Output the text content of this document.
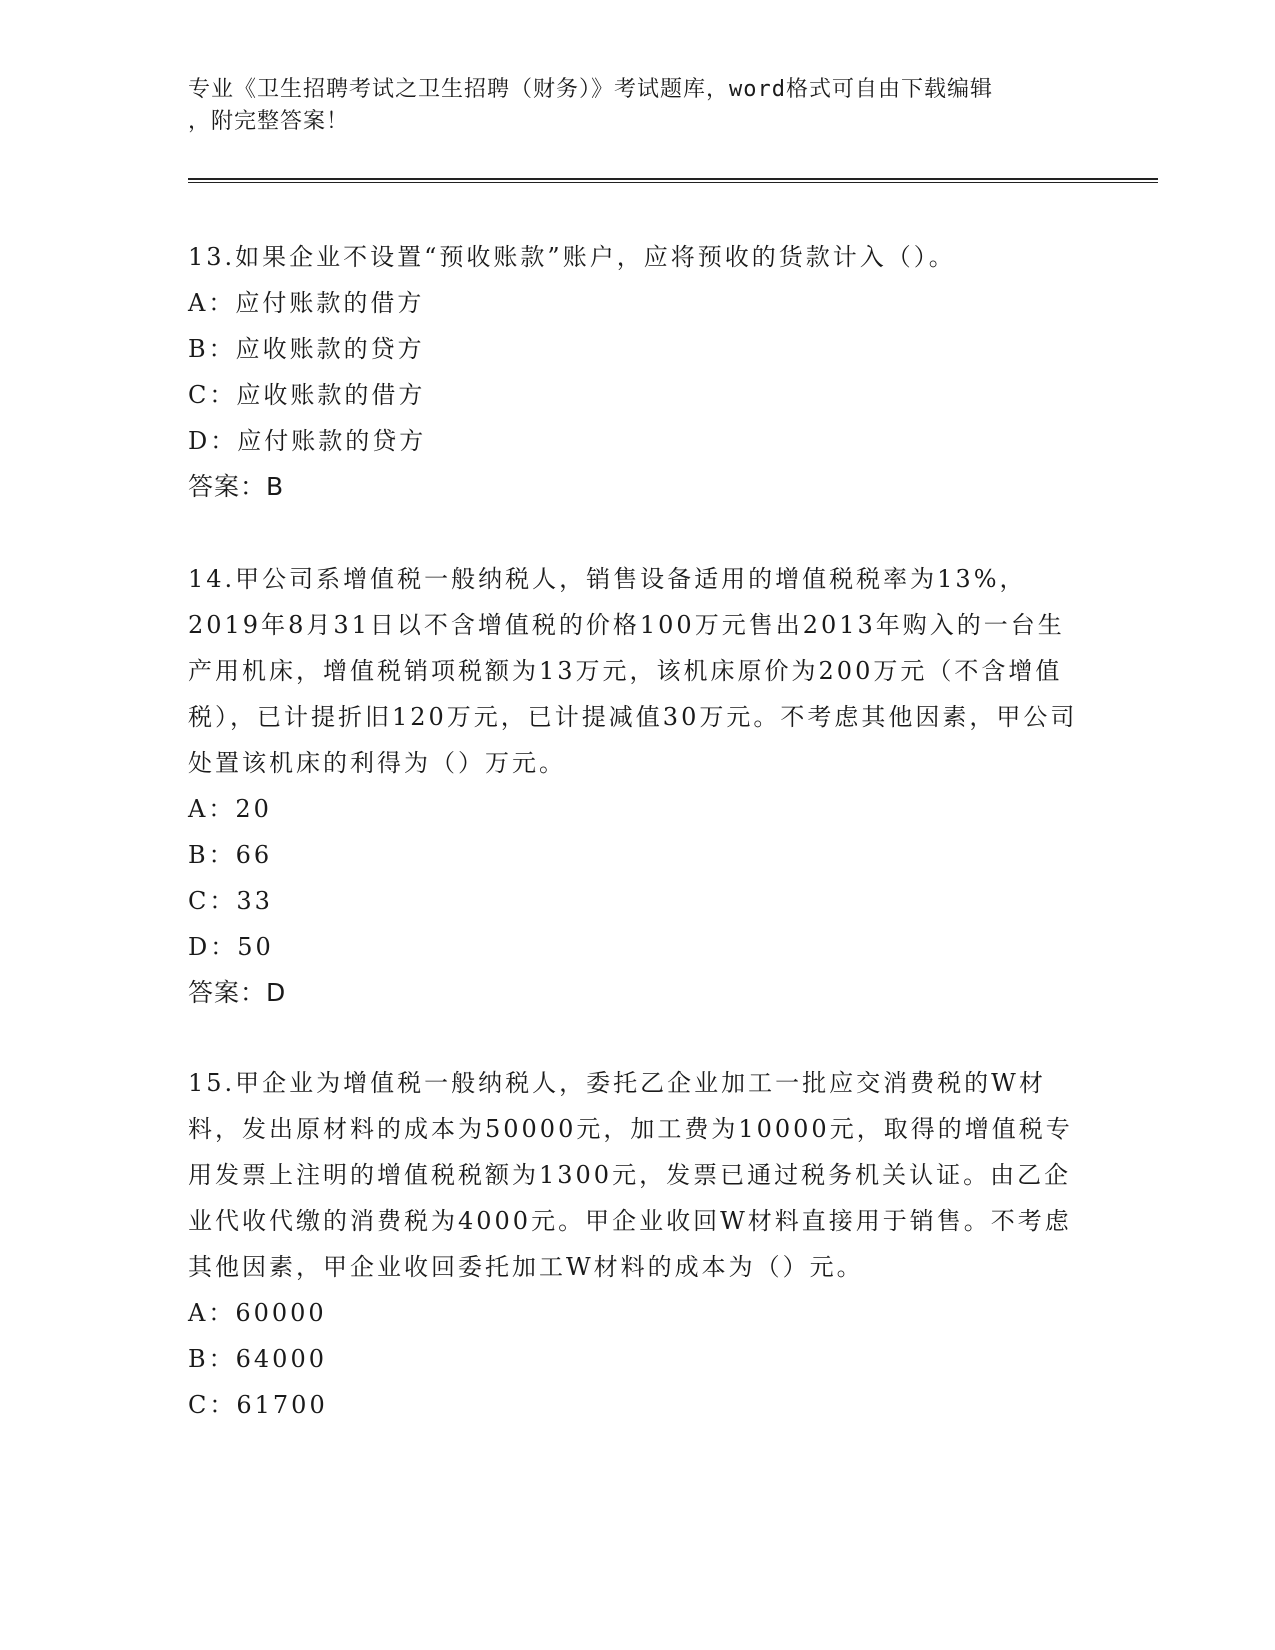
专业《卫生招聘考试之卫生招聘（财务）》考试题库，word格式可自由下载编辑
，附完整答案！

13.如果企业不设置“预收账款”账户，应将预收的货款计入（）。

A：应付账款的借方

B：应收账款的贷方

C：应收账款的借方

D：应付账款的贷方

答案：B

14.甲公司系增值税一般纳税人，销售设备适用的增值税税率为13%，2019年8月31日以不含增值税的价格100万元售出2013年购入的一台生产用机床，增值税销项税额为13万元，该机床原价为200万元（不含增值税），已计提折旧120万元，已计提减值30万元。不考虑其他因素，甲公司处置该机床的利得为（）万元。

A：20

B：66

C：33

D：50

答案：D

15.甲企业为增值税一般纳税人，委托乙企业加工一批应交消费税的W材料，发出原材料的成本为50000元，加工费为10000元，取得的增值税专用发票上注明的增值税税额为1300元，发票已通过税务机关认证。由乙企业代收代缴的消费税为4000元。甲企业收回W材料直接用于销售。不考虑其他因素，甲企业收回委托加工W材料的成本为（）元。

A：60000

B：64000

C：61700
